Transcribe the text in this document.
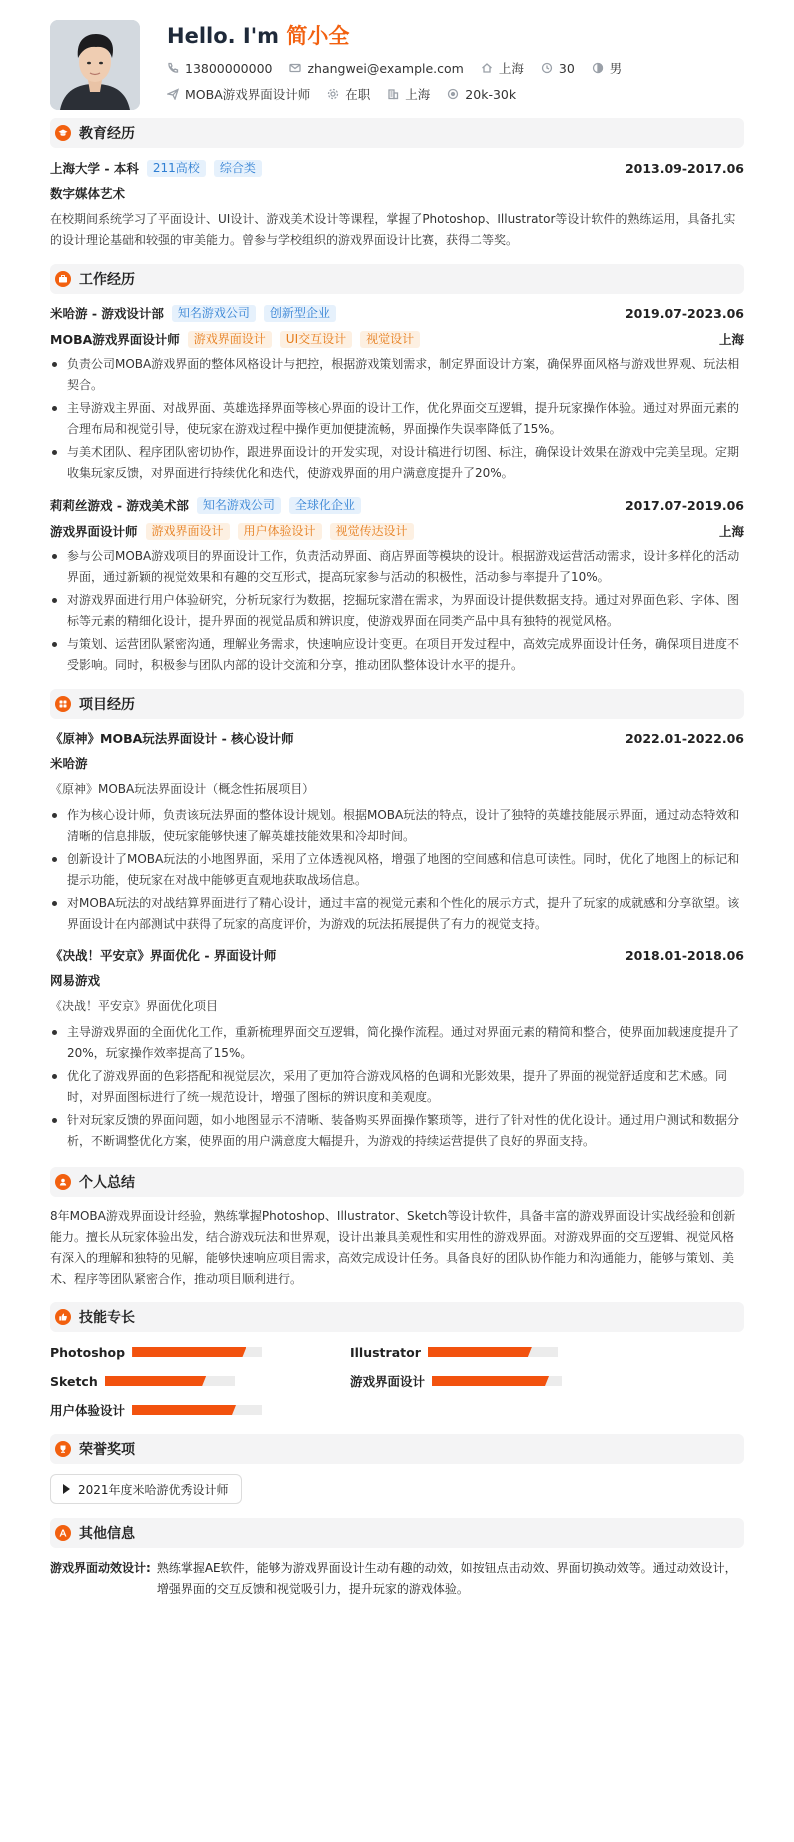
Hello. I'm 简小全
13800000000	zhangwei@example.com	上海	30	男
MOBA游戏界面设计师	在职	上海	20k-30k
教育经历
上海大学 - 本科	211高校	综合类	2013.09-2017.06
数字媒体艺术

在校期间系统学习了平面设计、UI设计、游戏美术设计等课程，掌握了Photoshop、Illustrator等设计软件的熟练运用，具备扎实的设计理论基础和较强的审美能力。曾参与学校组织的游戏界面设计比赛，获得二等奖。

工作经历
米哈游 - 游戏设计部	知名游戏公司	创新型企业	2019.07-2023.06
MOBA游戏界面设计师	游戏界面设计	UI交互设计	视觉设计	上海
负责公司MOBA游戏界面的整体风格设计与把控，根据游戏策划需求，制定界面设计方案，确保界面风格与游戏世界观、玩法相契合。
主导游戏主界面、对战界面、英雄选择界面等核心界面的设计工作，优化界面交互逻辑，提升玩家操作体验。通过对界面元素的合理布局和视觉引导，使玩家在游戏过程中操作更加便捷流畅，界面操作失误率降低了15%。
与美术团队、程序团队密切协作，跟进界面设计的开发实现，对设计稿进行切图、标注，确保设计效果在游戏中完美呈现。定期收集玩家反馈，对界面进行持续优化和迭代，使游戏界面的用户满意度提升了20%。
莉莉丝游戏 - 游戏美术部	知名游戏公司	全球化企业	2017.07-2019.06
游戏界面设计师	游戏界面设计	用户体验设计	视觉传达设计	上海
参与公司MOBA游戏项目的界面设计工作，负责活动界面、商店界面等模块的设计。根据游戏运营活动需求，设计多样化的活动界面，通过新颖的视觉效果和有趣的交互形式，提高玩家参与活动的积极性，活动参与率提升了10%。
对游戏界面进行用户体验研究，分析玩家行为数据，挖掘玩家潜在需求，为界面设计提供数据支持。通过对界面色彩、字体、图标等元素的精细化设计，提升界面的视觉品质和辨识度，使游戏界面在同类产品中具有独特的视觉风格。
与策划、运营团队紧密沟通，理解业务需求，快速响应设计变更。在项目开发过程中，高效完成界面设计任务，确保项目进度不受影响。同时，积极参与团队内部的设计交流和分享，推动团队整体设计水平的提升。
项目经历
《原神》MOBA玩法界面设计 - 核心设计师	2022.01-2022.06
米哈游
《原神》MOBA玩法界面设计（概念性拓展项目）
作为核心设计师，负责该玩法界面的整体设计规划。根据MOBA玩法的特点，设计了独特的英雄技能展示界面，通过动态特效和清晰的信息排版，使玩家能够快速了解英雄技能效果和冷却时间。
创新设计了MOBA玩法的小地图界面，采用了立体透视风格，增强了地图的空间感和信息可读性。同时，优化了地图上的标记和提示功能，使玩家在对战中能够更直观地获取战场信息。
对MOBA玩法的对战结算界面进行了精心设计，通过丰富的视觉元素和个性化的展示方式，提升了玩家的成就感和分享欲望。该界面设计在内部测试中获得了玩家的高度评价，为游戏的玩法拓展提供了有力的视觉支持。
《决战！平安京》界面优化 - 界面设计师	2018.01-2018.06
网易游戏
《决战！平安京》界面优化项目
主导游戏界面的全面优化工作，重新梳理界面交互逻辑，简化操作流程。通过对界面元素的精简和整合，使界面加载速度提升了20%，玩家操作效率提高了15%。
优化了游戏界面的色彩搭配和视觉层次，采用了更加符合游戏风格的色调和光影效果，提升了界面的视觉舒适度和艺术感。同时，对界面图标进行了统一规范设计，增强了图标的辨识度和美观度。
针对玩家反馈的界面问题，如小地图显示不清晰、装备购买界面操作繁琐等，进行了针对性的优化设计。通过用户测试和数据分析，不断调整优化方案，使界面的用户满意度大幅提升，为游戏的持续运营提供了良好的界面支持。
个人总结

8年MOBA游戏界面设计经验，熟练掌握Photoshop、Illustrator、Sketch等设计软件，具备丰富的游戏界面设计实战经验和创新能力。擅长从玩家体验出发，结合游戏玩法和世界观，设计出兼具美观性和实用性的游戏界面。对游戏界面的交互逻辑、视觉风格有深入的理解和独特的见解，能够快速响应项目需求，高效完成设计任务。具备良好的团队协作能力和沟通能力，能够与策划、美术、程序等团队紧密合作，推动项目顺利进行。

技能专长
Photoshop	Illustrator
Sketch	游戏界面设计
用户体验设计
荣誉奖项
2021年度米哈游优秀设计师
其他信息
游戏界面动效设计: 熟练掌握AE软件，能够为游戏界面设计生动有趣的动效，如按钮点击动效、界面切换动效等。通过动效设计，增强界面的交互反馈和视觉吸引力，提升玩家的游戏体验。
